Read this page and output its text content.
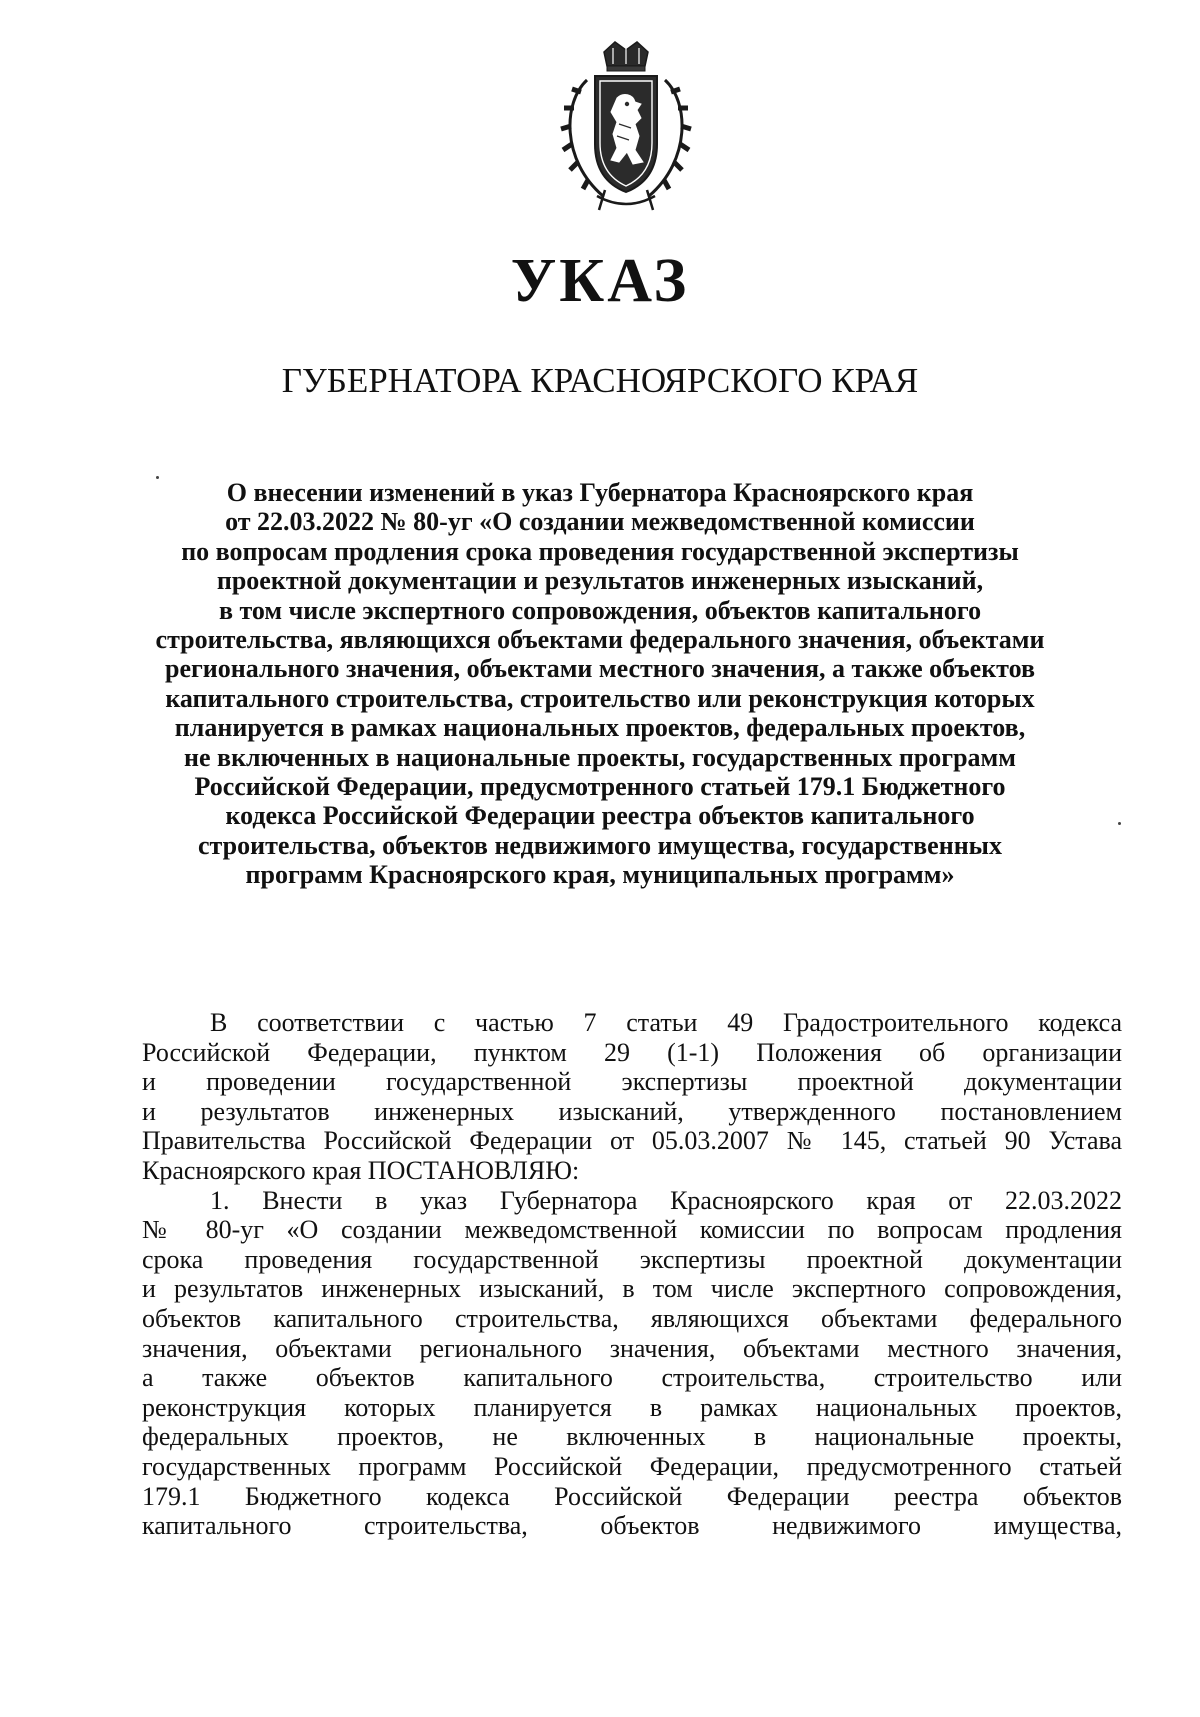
УКАЗ
ГУБЕРНАТОРА КРАСНОЯРСКОГО КРАЯ
О внесении изменений в указ Губернатора Красноярского края
от 22.03.2022 № 80-уг «О создании межведомственной комиссии
по вопросам продления срока проведения государственной экспертизы
проектной документации и результатов инженерных изысканий,
в том числе экспертного сопровождения, объектов капитального
строительства, являющихся объектами федерального значения, объектами
регионального значения, объектами местного значения, а также объектов
капитального строительства, строительство или реконструкция которых
планируется в рамках национальных проектов, федеральных проектов,
не включенных в национальные проекты, государственных программ
Российской Федерации, предусмотренного статьей 179.1 Бюджетного
кодекса Российской Федерации реестра объектов капитального
строительства, объектов недвижимого имущества, государственных
программ Красноярского края, муниципальных программ»
В соответствии с частью 7 статьи 49 Градостроительного кодекса
Российской Федерации, пунктом 29 (1-1) Положения об организации
и проведении государственной экспертизы проектной документации
и результатов инженерных изысканий, утвержденного постановлением
Правительства Российской Федерации от 05.03.2007 № 145, статьей 90 Устава
Красноярского края ПОСТАНОВЛЯЮ:
1. Внести в указ Губернатора Красноярского края от 22.03.2022
№ 80-уг «О создании межведомственной комиссии по вопросам продления
срока проведения государственной экспертизы проектной документации
и результатов инженерных изысканий, в том числе экспертного сопровождения,
объектов капитального строительства, являющихся объектами федерального
значения, объектами регионального значения, объектами местного значения,
а также объектов капитального строительства, строительство или
реконструкция которых планируется в рамках национальных проектов,
федеральных проектов, не включенных в национальные проекты,
государственных программ Российской Федерации, предусмотренного статьей
179.1 Бюджетного кодекса Российской Федерации реестра объектов
капитального строительства, объектов недвижимого имущества,
